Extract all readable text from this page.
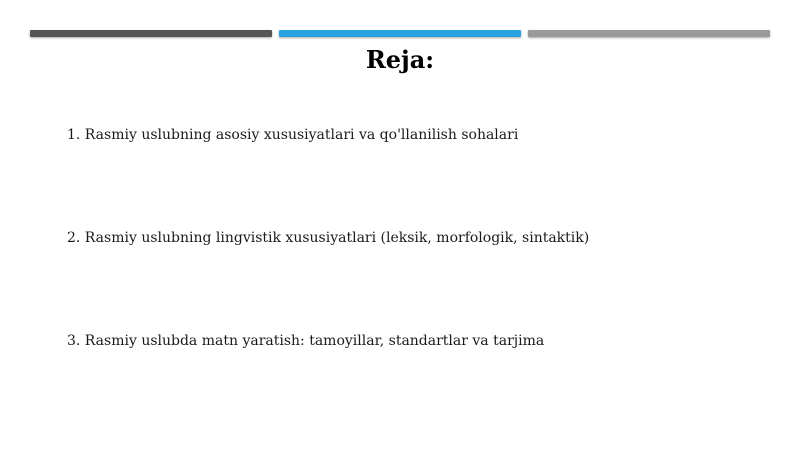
Reja:
1. Rasmiy uslubning asosiy xususiyatlari va qo'llanilish sohalari
2. Rasmiy uslubning lingvistik xususiyatlari (leksik, morfologik, sintaktik)
3. Rasmiy uslubda matn yaratish: tamoyillar, standartlar va tarjima
